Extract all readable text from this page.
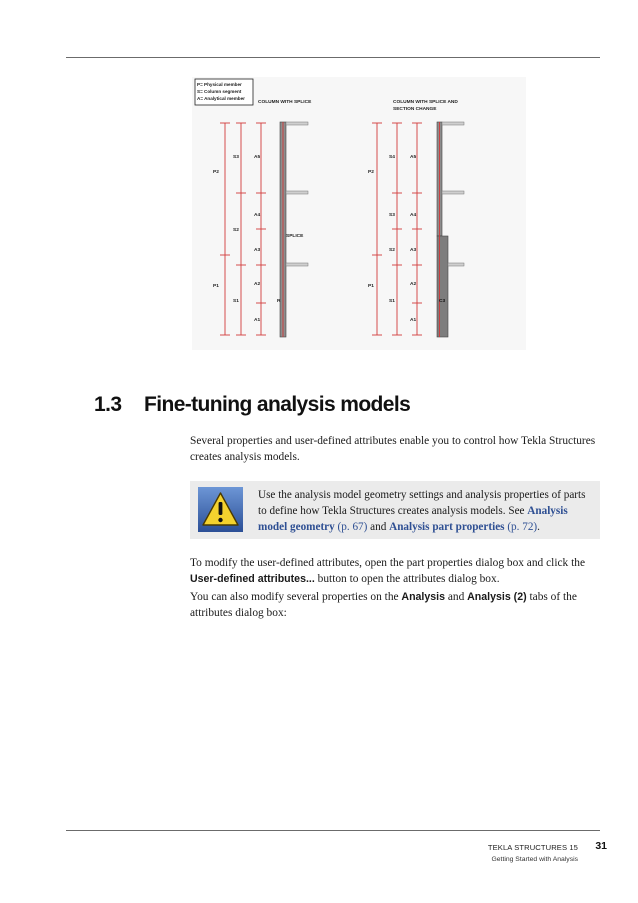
P= Physical member
S= Column segment
A= Analytical member
COLUMN WITH SPLICE	COLUMN WITH SPLICE AND
SECTION CHANGE
P2
P1
S3
S2
S1
A5
A4
A3
A2
A1
SPLICE
R
P2
P1
S4
S3
S2
S1
A5
A4
A3
A2
A1
C3
1.3 Fine-tuning analysis models
Several properties and user-defined attributes enable you to control how Tekla Structures creates analysis models.
Use the analysis model geometry settings and analysis properties of parts to define how Tekla Structures creates analysis models. See Analysis model geometry (p. 67) and Analysis part properties (p. 72).
To modify the user-defined attributes, open the part properties dialog box and click the User-defined attributes... button to open the attributes dialog box.
You can also modify several properties on the Analysis and Analysis (2) tabs of the attributes dialog box:
TEKLA STRUCTURES 15
Getting Started with Analysis
31
